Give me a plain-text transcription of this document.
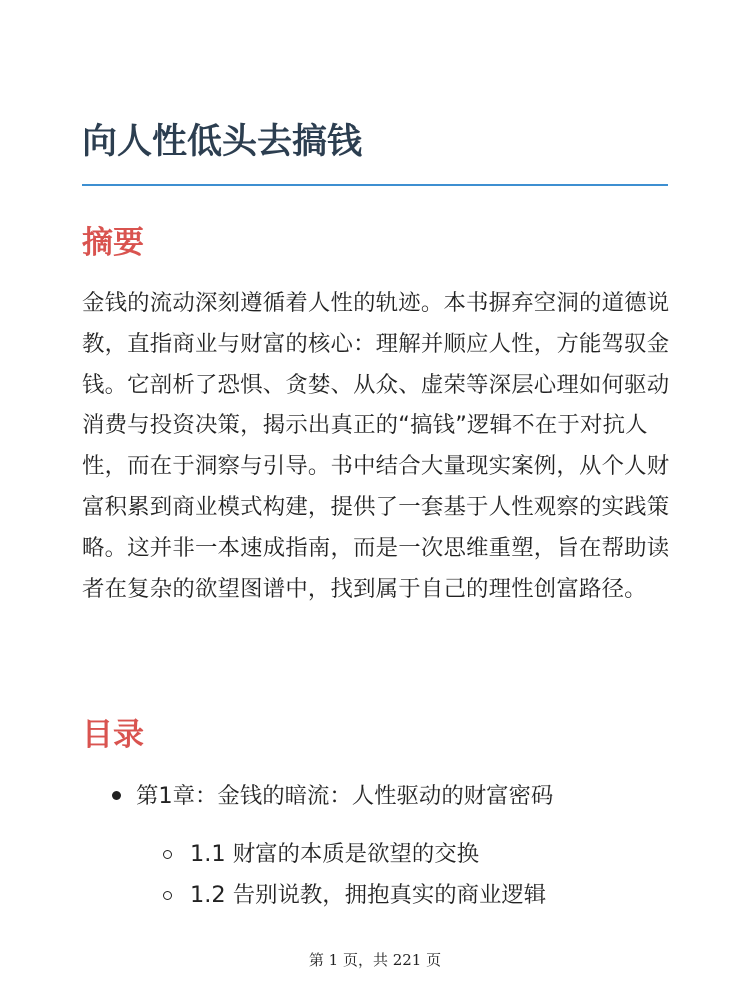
向人性低头去搞钱
摘要

金钱的流动深刻遵循着人性的轨迹。本书摒弃空洞的道德说教，直指商业与财富的核心：理解并顺应人性，方能驾驭金钱。它剖析了恐惧、贪婪、从众、虚荣等深层心理如何驱动消费与投资决策，揭示出真正的“搞钱”逻辑不在于对抗人性，而在于洞察与引导。书中结合大量现实案例，从个人财富积累到商业模式构建，提供了一套基于人性观察的实践策略。这并非一本速成指南，而是一次思维重塑，旨在帮助读者在复杂的欲望图谱中，找到属于自己的理性创富路径。

目录
第1章：金钱的暗流：人性驱动的财富密码
1.1 财富的本质是欲望的交换
1.2 告别说教，拥抱真实的商业逻辑
第 1 页，共 221 页
